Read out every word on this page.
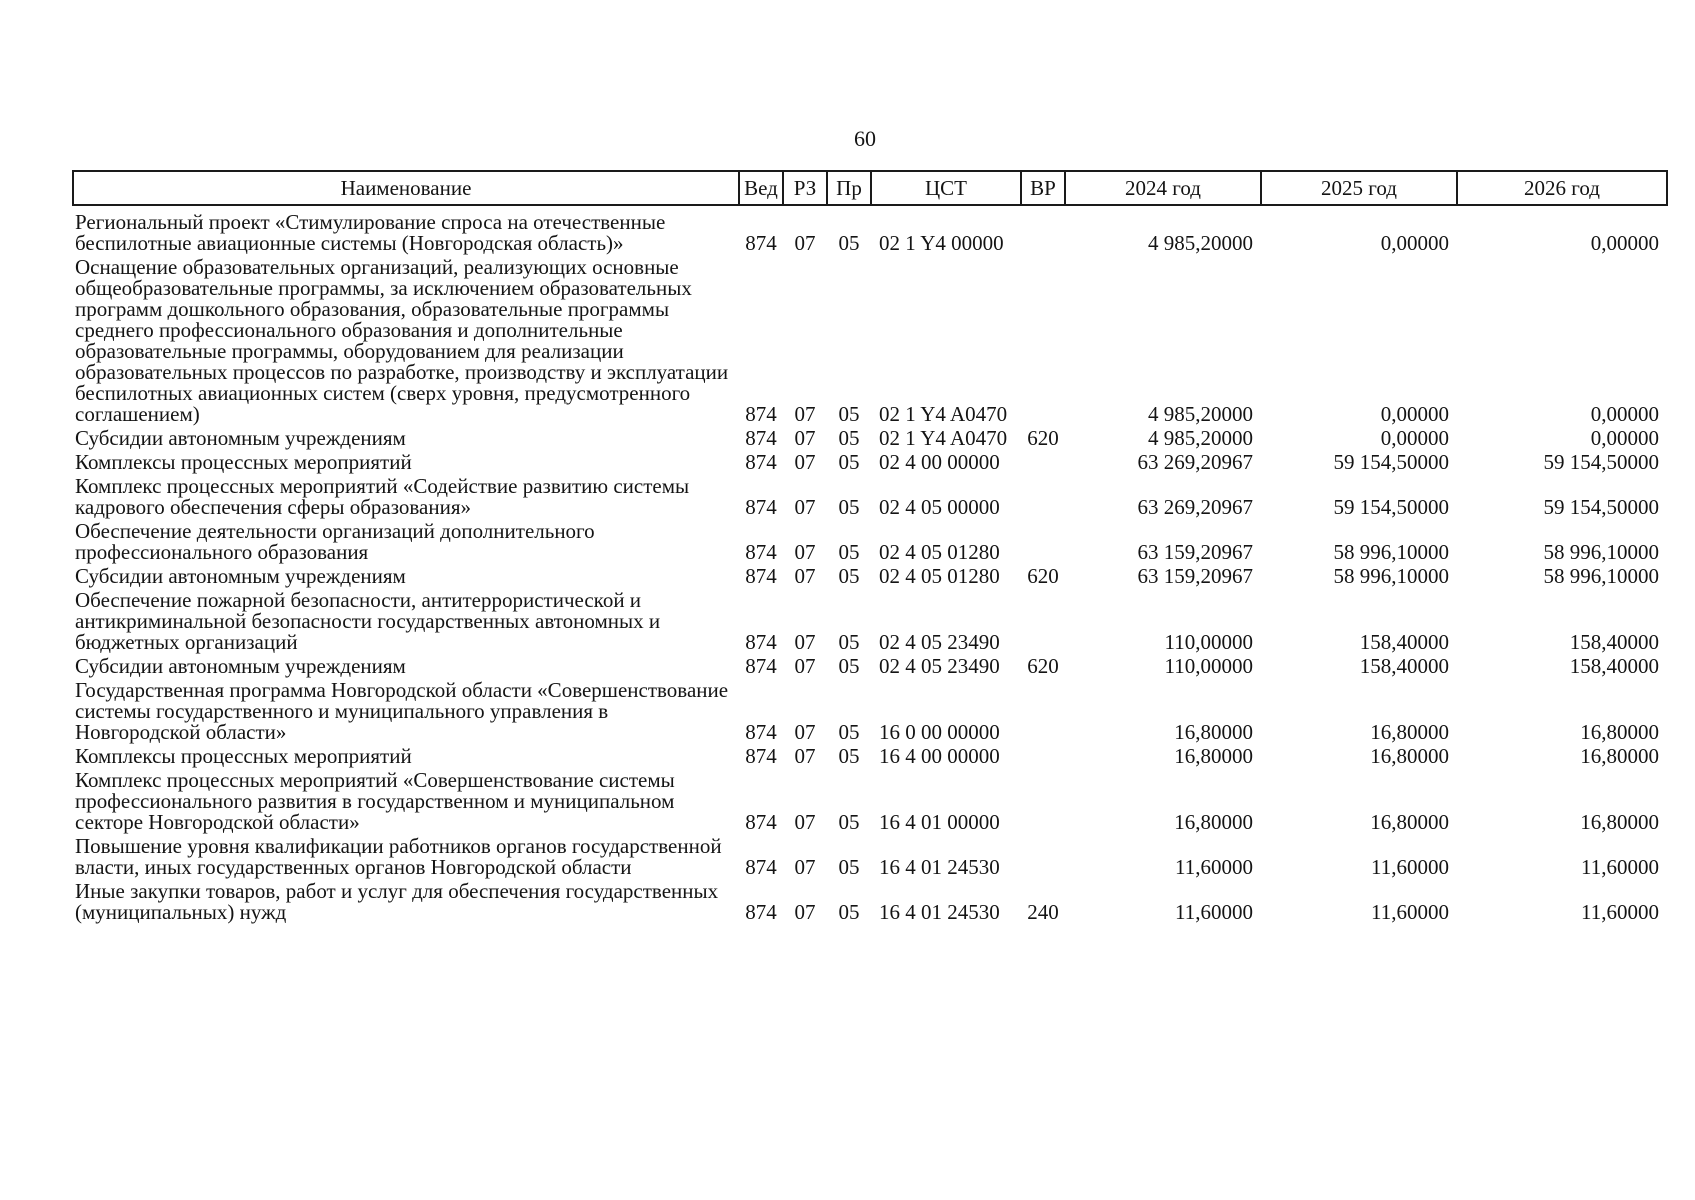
60
Наименование	Вед	РЗ	Пр	ЦСТ	ВР	2024 год	2025 год	2026 год
Региональный проект «Стимулирование спроса на отечественные беспилотные авиационные системы (Новгородская область)»	874	07	05	02 1 Y4 00000		4 985,20000	0,00000	0,00000
Оснащение образовательных организаций, реализующих основные общеобразовательные программы, за исключением образовательных программ дошкольного образования, образовательные программы среднего профессионального образования и дополнительные образовательные программы, оборудованием для реализации образовательных процессов по разработке, производству и эксплуатации беспилотных авиационных систем (сверх уровня, предусмотренного соглашением)	874	07	05	02 1 Y4 A0470		4 985,20000	0,00000	0,00000
Субсидии автономным учреждениям	874	07	05	02 1 Y4 A0470	620	4 985,20000	0,00000	0,00000
Комплексы процессных мероприятий	874	07	05	02 4 00 00000		63 269,20967	59 154,50000	59 154,50000
Комплекс процессных мероприятий «Содействие развитию системы кадрового обеспечения сферы образования»	874	07	05	02 4 05 00000		63 269,20967	59 154,50000	59 154,50000
Обеспечение деятельности организаций дополнительного профессионального образования	874	07	05	02 4 05 01280		63 159,20967	58 996,10000	58 996,10000
Субсидии автономным учреждениям	874	07	05	02 4 05 01280	620	63 159,20967	58 996,10000	58 996,10000
Обеспечение пожарной безопасности, антитеррористической и антикриминальной безопасности государственных автономных и бюджетных организаций	874	07	05	02 4 05 23490		110,00000	158,40000	158,40000
Субсидии автономным учреждениям	874	07	05	02 4 05 23490	620	110,00000	158,40000	158,40000
Государственная программа Новгородской области «Совершенствование системы государственного и муниципального управления в Новгородской области»	874	07	05	16 0 00 00000		16,80000	16,80000	16,80000
Комплексы процессных мероприятий	874	07	05	16 4 00 00000		16,80000	16,80000	16,80000
Комплекс процессных мероприятий «Совершенствование системы профессионального развития в государственном и муниципальном секторе Новгородской области»	874	07	05	16 4 01 00000		16,80000	16,80000	16,80000
Повышение уровня квалификации работников органов государственной власти, иных государственных органов Новгородской области	874	07	05	16 4 01 24530		11,60000	11,60000	11,60000
Иные закупки товаров, работ и услуг для обеспечения государственных (муниципальных) нужд	874	07	05	16 4 01 24530	240	11,60000	11,60000	11,60000
